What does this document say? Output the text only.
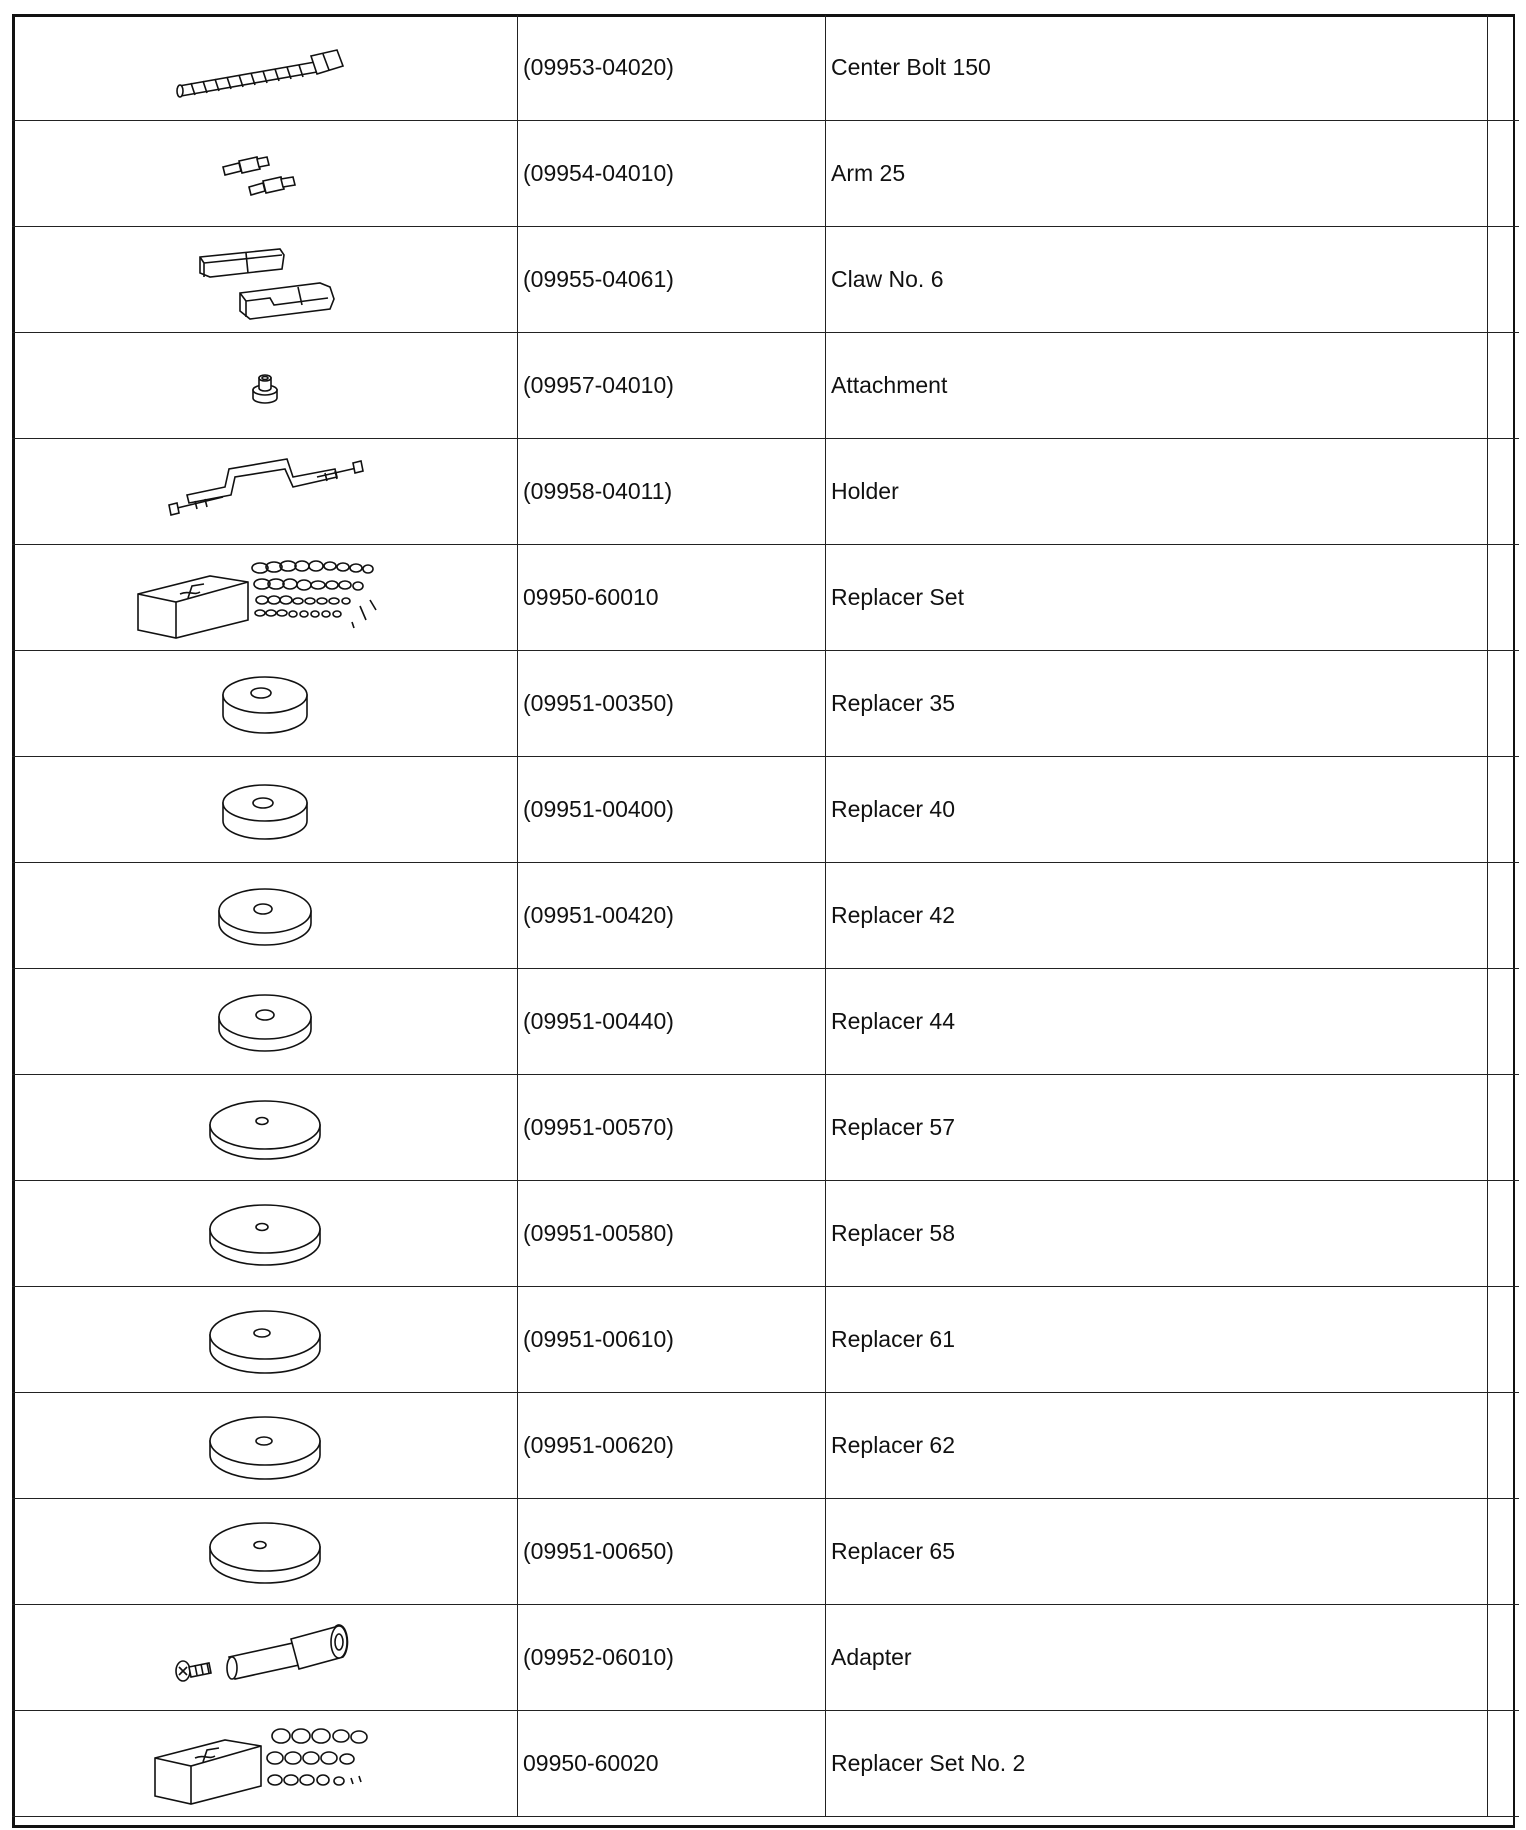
	(09953-04020)	Center Bolt 150	

	(09954-04010)	Arm 25	

	(09955-04061)	Claw No. 6	

	(09957-04010)	Attachment	

	(09958-04011)	Holder	

	09950-60010	Replacer Set	

	(09951-00350)	Replacer 35	

	(09951-00400)	Replacer 40	

	(09951-00420)	Replacer 42	

	(09951-00440)	Replacer 44	

	(09951-00570)	Replacer 57	

	(09951-00580)	Replacer 58	

	(09951-00610)	Replacer 61	

	(09951-00620)	Replacer 62	

	(09951-00650)	Replacer 65	

	(09952-06010)	Adapter	

	09950-60020	Replacer Set No. 2	
